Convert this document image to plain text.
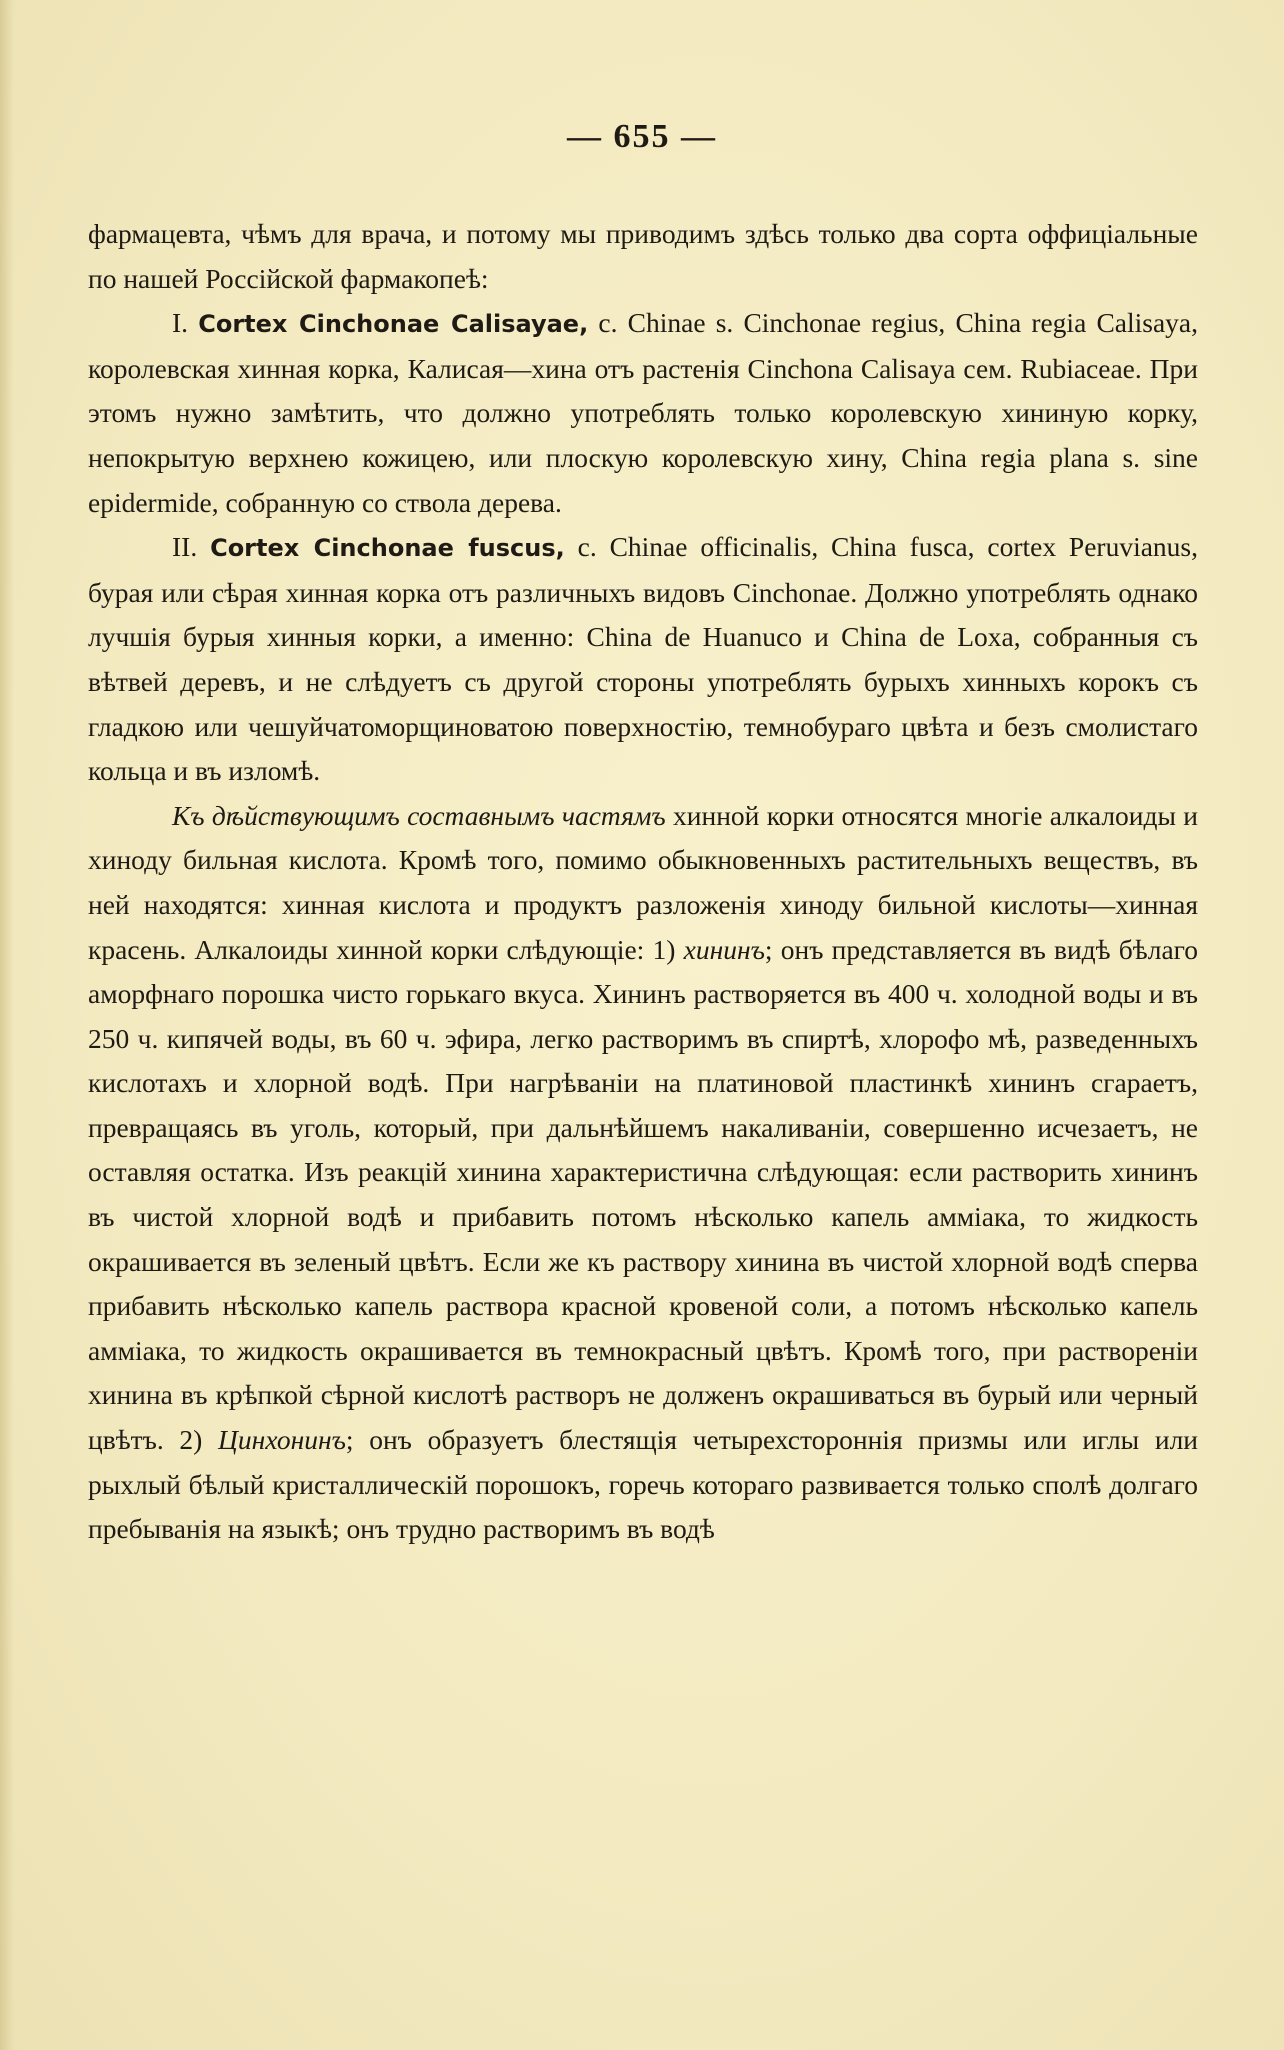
— 655 —

фармацевта, чѣмъ для врача, и потому мы приводимъ здѣсь только два сорта оффиціальные по нашей Россійской фармакопеѣ:

I. Cortex Cinchonae Calisayae, с. Chinae s. Cinchonae regius, China regia Calisaya, королевская хинная корка, Калисая—хина отъ растенія Cinchona Calisaya сем. Rubiaceae. При этомъ нужно замѣтить, что должно употреблять только королевскую хининую корку, непокрытую верхнею кожицею, или плоскую королевскую хину, China regia plana s. sine epidermide, собранную со ствола дерева.

II. Cortex Cinchonae fuscus, с. Chinae officinalis, China fusca, cortex Peruvianus, бурая или сѣрая хинная корка отъ различныхъ видовъ Cinchonae. Должно употреблять однако лучшія бурыя хинныя корки, а именно: China de Huanuco и China de Loxa, собранныя съ вѣтвей деревъ, и не слѣдуетъ съ другой стороны употреблять бурыхъ хинныхъ корокъ съ гладкою или чешуйчатоморщиноватою поверхностію, темнобураго цвѣта и безъ смолистаго кольца и въ изломѣ.

Къ дѣйствующимъ составнымъ частямъ хинной корки относятся многіе алкалоиды и хиноду бильная кислота. Кромѣ того, помимо обыкновенныхъ растительныхъ веществъ, въ ней находятся: хинная кислота и продуктъ разложенія хиноду бильной кислоты—хинная красень. Алкалоиды хинной корки слѣдующіе: 1) хининъ; онъ представляется въ видѣ бѣлаго аморфнаго порошка чисто горькаго вкуса. Хининъ растворяется въ 400 ч. холодной воды и въ 250 ч. кипячей воды, въ 60 ч. эфира, легко растворимъ въ спиртѣ, хлорофо мѣ, разведенныхъ кислотахъ и хлорной водѣ. При нагрѣваніи на платиновой пластинкѣ хининъ сгараетъ, превращаясь въ уголь, который, при дальнѣйшемъ накаливаніи, совершенно исчезаетъ, не оставляя остатка. Изъ реакцій хинина характеристична слѣдующая: если растворить хининъ въ чистой хлорной водѣ и прибавить потомъ нѣсколько капель амміака, то жидкость окрашивается въ зеленый цвѣтъ. Если же къ раствору хинина въ чистой хлорной водѣ сперва прибавить нѣсколько капель раствора красной кровеной соли, а потомъ нѣсколько капель амміака, то жидкость окрашивается въ темнокрасный цвѣтъ. Кромѣ того, при раствореніи хинина въ крѣпкой сѣрной кислотѣ растворъ не долженъ окрашиваться въ бурый или черный цвѣтъ. 2) Цинхонинъ; онъ образуетъ блестящія четырехстороннія призмы или иглы или рыхлый бѣлый кристаллическій порошокъ, горечь котораго развивается только сполѣ долгаго пребыванія на языкѣ; онъ трудно растворимъ въ водѣ
